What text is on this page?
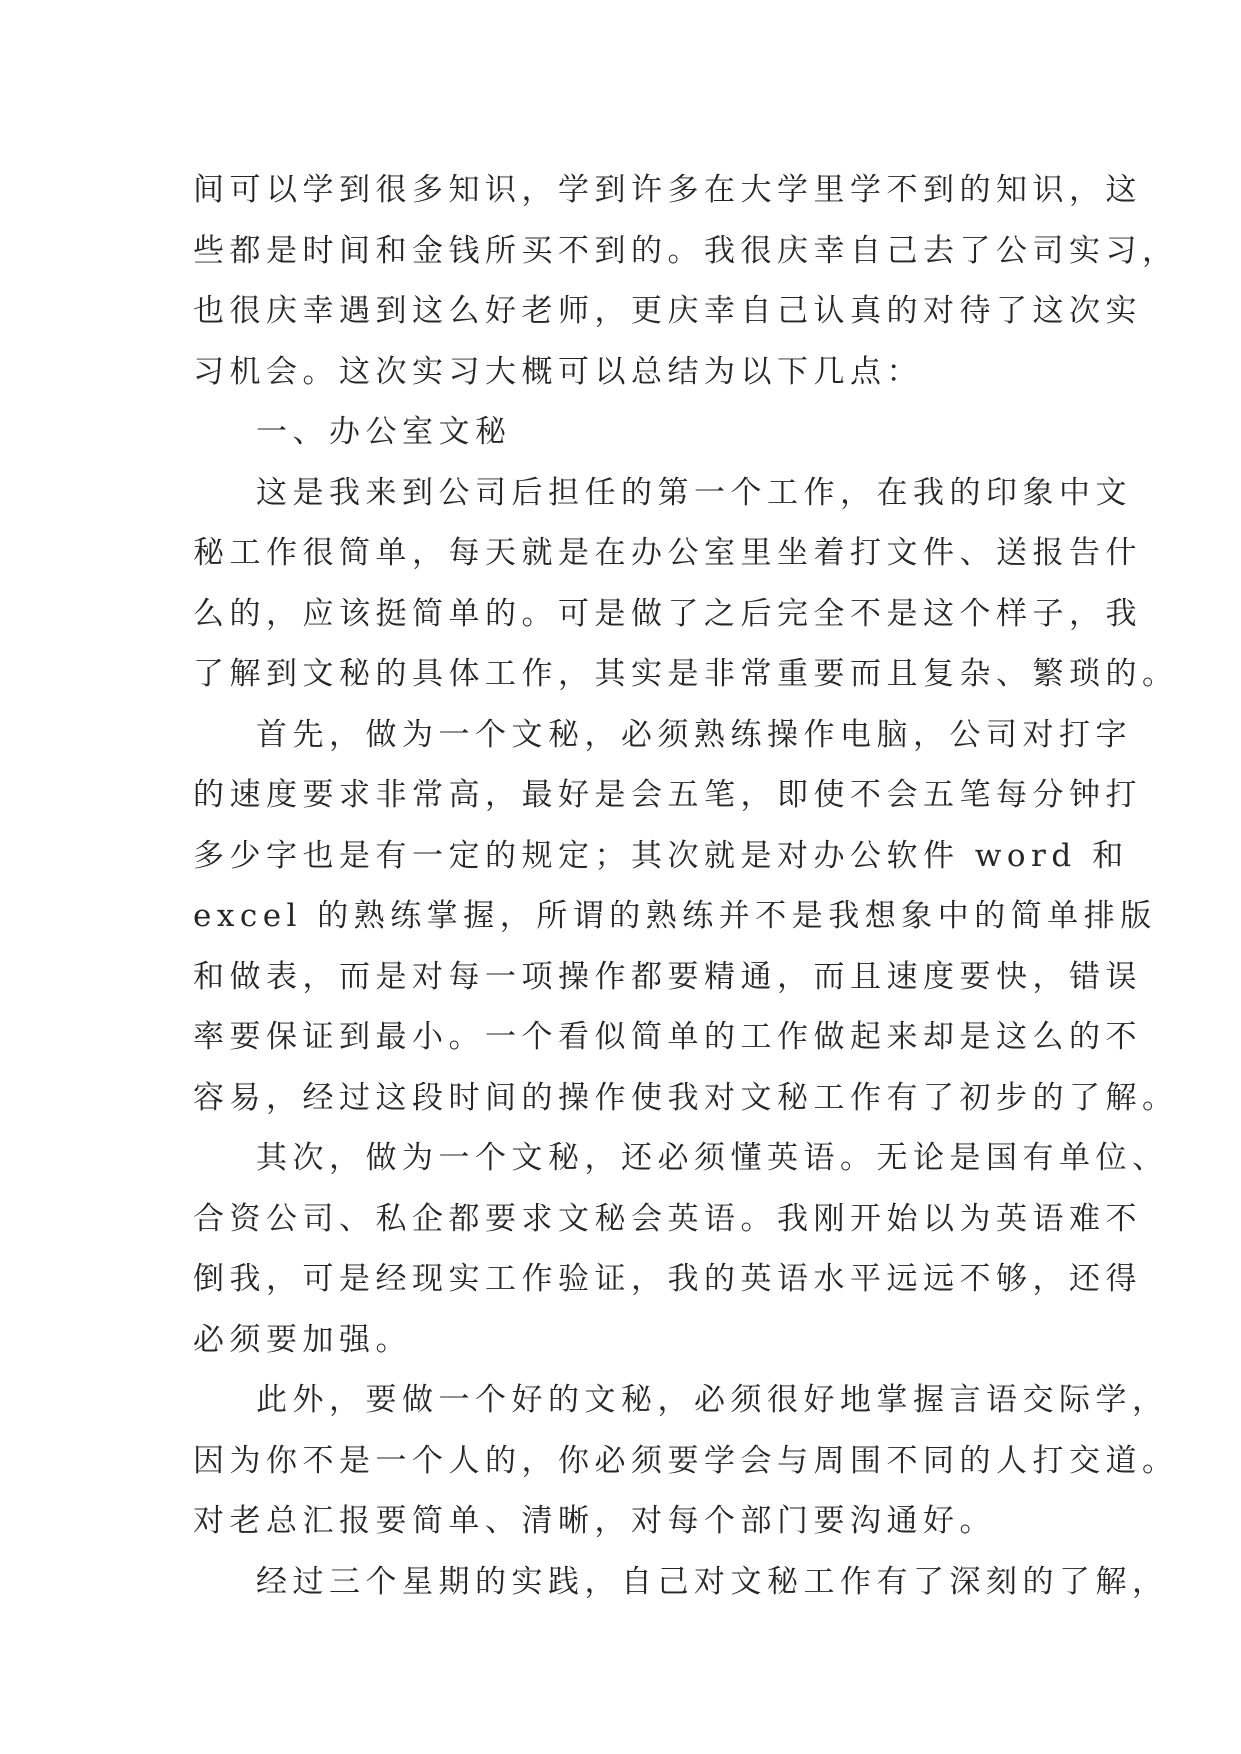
间可以学到很多知识，学到许多在大学里学不到的知识，这
些都是时间和金钱所买不到的。我很庆幸自己去了公司实习，
也很庆幸遇到这么好老师，更庆幸自己认真的对待了这次实
习机会。这次实习大概可以总结为以下几点：

一、办公室文秘

这是我来到公司后担任的第一个工作，在我的印象中文
秘工作很简单，每天就是在办公室里坐着打文件、送报告什
么的，应该挺简单的。可是做了之后完全不是这个样子，我
了解到文秘的具体工作，其实是非常重要而且复杂、繁琐的。

首先，做为一个文秘，必须熟练操作电脑，公司对打字
的速度要求非常高，最好是会五笔，即使不会五笔每分钟打
多少字也是有一定的规定；其次就是对办公软件 word 和
excel 的熟练掌握，所谓的熟练并不是我想象中的简单排版
和做表，而是对每一项操作都要精通，而且速度要快，错误
率要保证到最小。一个看似简单的工作做起来却是这么的不
容易，经过这段时间的操作使我对文秘工作有了初步的了解。

其次，做为一个文秘，还必须懂英语。无论是国有单位、
合资公司、私企都要求文秘会英语。我刚开始以为英语难不
倒我，可是经现实工作验证，我的英语水平远远不够，还得
必须要加强。

此外，要做一个好的文秘，必须很好地掌握言语交际学，
因为你不是一个人的，你必须要学会与周围不同的人打交道。
对老总汇报要简单、清晰，对每个部门要沟通好。

经过三个星期的实践，自己对文秘工作有了深刻的了解，
